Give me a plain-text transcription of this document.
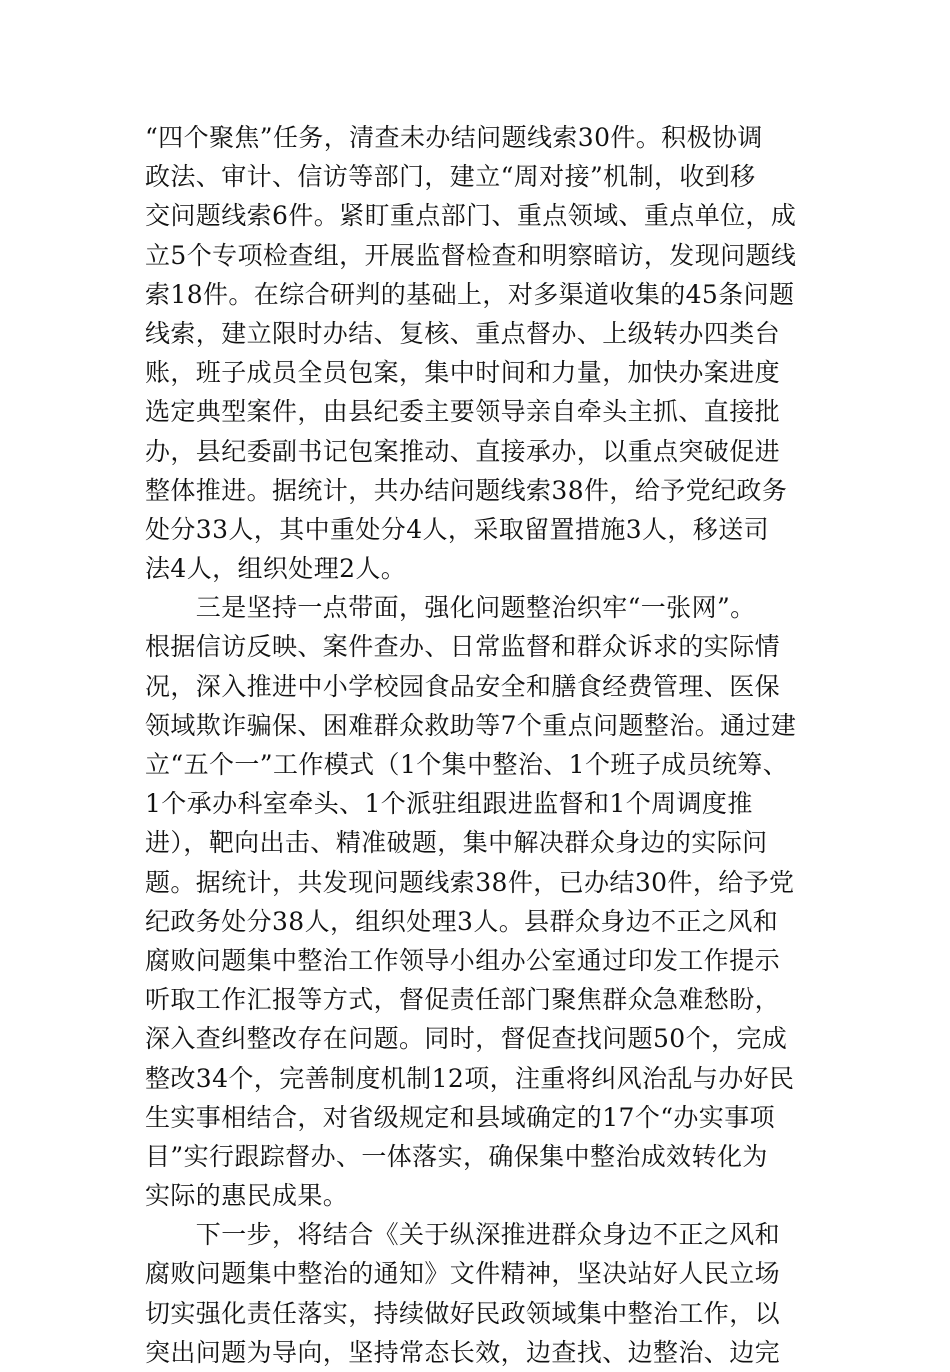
“四个聚焦”任务，清查未办结问题线索30件。积极协调
政法、审计、信访等部门，建立“周对接”机制，收到移
交问题线索6件。紧盯重点部门、重点领域、重点单位，成
立5个专项检查组，开展监督检查和明察暗访，发现问题线
索18件。在综合研判的基础上，对多渠道收集的45条问题
线索，建立限时办结、复核、重点督办、上级转办四类台
账，班子成员全员包案，集中时间和力量，加快办案进度
选定典型案件，由县纪委主要领导亲自牵头主抓、直接批
办，县纪委副书记包案推动、直接承办，以重点突破促进
整体推进。据统计，共办结问题线索38件，给予党纪政务
处分33人，其中重处分4人，采取留置措施3人，移送司
法4人，组织处理2人。
　　三是坚持一点带面，强化问题整治织牢“一张网”。
根据信访反映、案件查办、日常监督和群众诉求的实际情
况，深入推进中小学校园食品安全和膳食经费管理、医保
领域欺诈骗保、困难群众救助等7个重点问题整治。通过建
立“五个一”工作模式（1个集中整治、1个班子成员统筹、
1个承办科室牵头、1个派驻组跟进监督和1个周调度推
进），靶向出击、精准破题，集中解决群众身边的实际问
题。据统计，共发现问题线索38件，已办结30件，给予党
纪政务处分38人，组织处理3人。县群众身边不正之风和
腐败问题集中整治工作领导小组办公室通过印发工作提示
听取工作汇报等方式，督促责任部门聚焦群众急难愁盼，
深入查纠整改存在问题。同时，督促查找问题50个，完成
整改34个，完善制度机制12项，注重将纠风治乱与办好民
生实事相结合，对省级规定和县域确定的17个“办实事项
目”实行跟踪督办、一体落实，确保集中整治成效转化为
实际的惠民成果。
　　下一步，将结合《关于纵深推进群众身边不正之风和
腐败问题集中整治的通知》文件精神，坚决站好人民立场
切实强化责任落实，持续做好民政领域集中整治工作，以
突出问题为导向，坚持常态长效，边查找、边整治、边完
